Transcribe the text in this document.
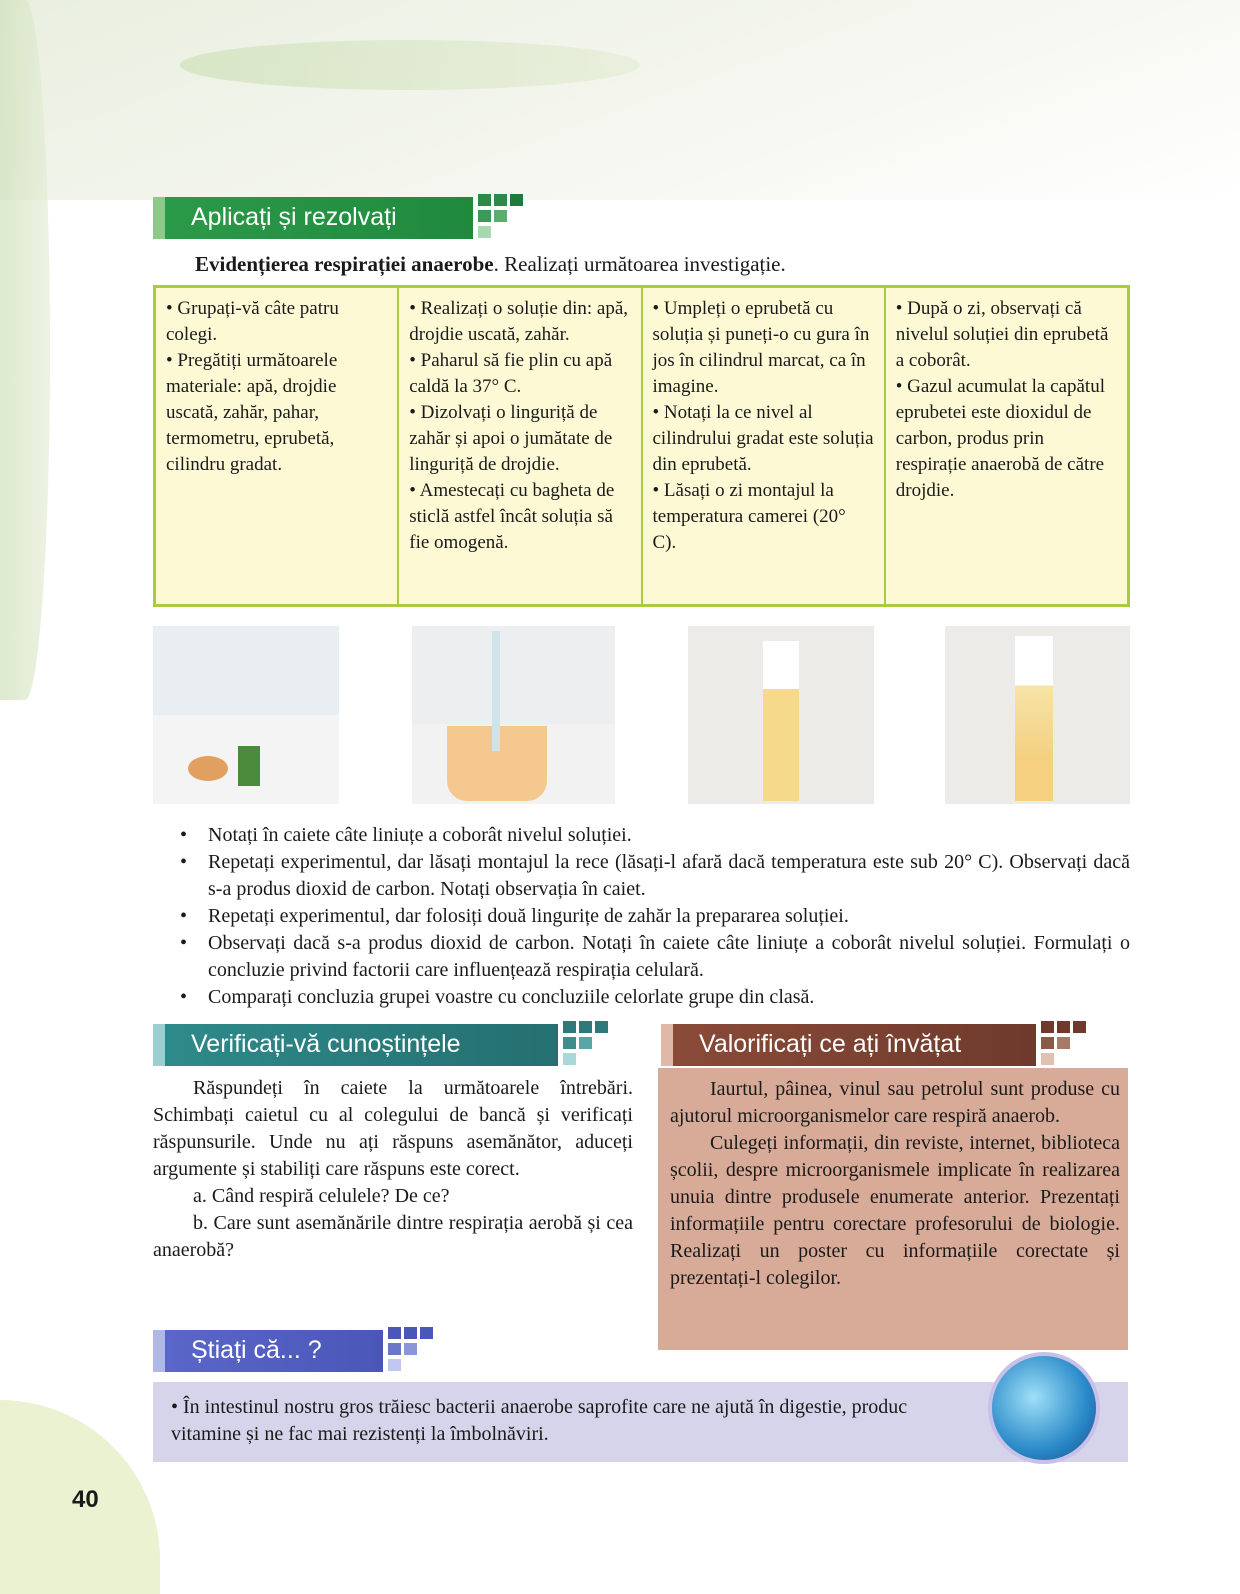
Aplicați și rezolvați
Evidențierea respirației anaerobe. Realizați următoarea investigație.
• Grupați-vă câte patru colegi.
• Pregătiți următoarele materiale: apă, drojdie uscată, zahăr, pahar, termometru, eprubetă, cilindru gradat.
• Realizați o soluție din: apă, drojdie uscată, zahăr.
• Paharul să fie plin cu apă caldă la 37° C.
• Dizolvați o linguriță de zahăr și apoi o jumătate de linguriță de drojdie.
• Amestecați cu bagheta de sticlă astfel încât soluția să fie omogenă.
• Umpleți o eprubetă cu soluția și puneți-o cu gura în jos în cilindrul marcat, ca în imagine.
• Notați la ce nivel al cilindrului gradat este soluția din eprubetă.
• Lăsați o zi montajul la temperatura camerei (20° C).
• După o zi, observați că nivelul soluției din eprubetă a coborât.
• Gazul acumulat la capătul eprubetei este dioxidul de carbon, produs prin respirație anaerobă de către drojdie.
• Notați în caiete câte liniuțe a coborât nivelul soluției.
• Repetați experimentul, dar lăsați montajul la rece (lăsați-l afară dacă temperatura este sub 20° C). Observați dacă s-a produs dioxid de carbon. Notați observația în caiet.
• Repetați experimentul, dar folosiți două lingurițe de zahăr la prepararea soluției.
• Observați dacă s-a produs dioxid de carbon. Notați în caiete câte liniuțe a coborât nivelul soluției. Formulați o concluzie privind factorii care influențează respirația celulară.
• Comparați concluzia grupei voastre cu concluziile celorlate grupe din clasă.
Verificați-vă cunoștințele

Răspundeți în caiete la următoarele întrebări. Schimbați caietul cu al colegului de bancă și verificați răspunsurile. Unde nu ați răspuns asemănător, aduceți argumente și stabiliți care răspuns este corect.

a. Când respiră celulele? De ce?

b. Care sunt asemănările dintre respirația aerobă și cea anaerobă?

Valorificați ce ați învățat

Iaurtul, pâinea, vinul sau petrolul sunt produse cu ajutorul microorganismelor care respiră anaerob.

Culegeți informații, din reviste, internet, biblioteca școlii, despre microorganismele implicate în realizarea unuia dintre produsele enumerate anterior. Prezentați informațiile pentru corectare profesorului de biologie. Realizați un poster cu informațiile corectate și prezentați-l colegilor.

Știați că... ?

• În intestinul nostru gros trăiesc bacterii anaerobe saprofite care ne ajută în digestie, produc vitamine și ne fac mai rezistenți la îmbolnăviri.

40
